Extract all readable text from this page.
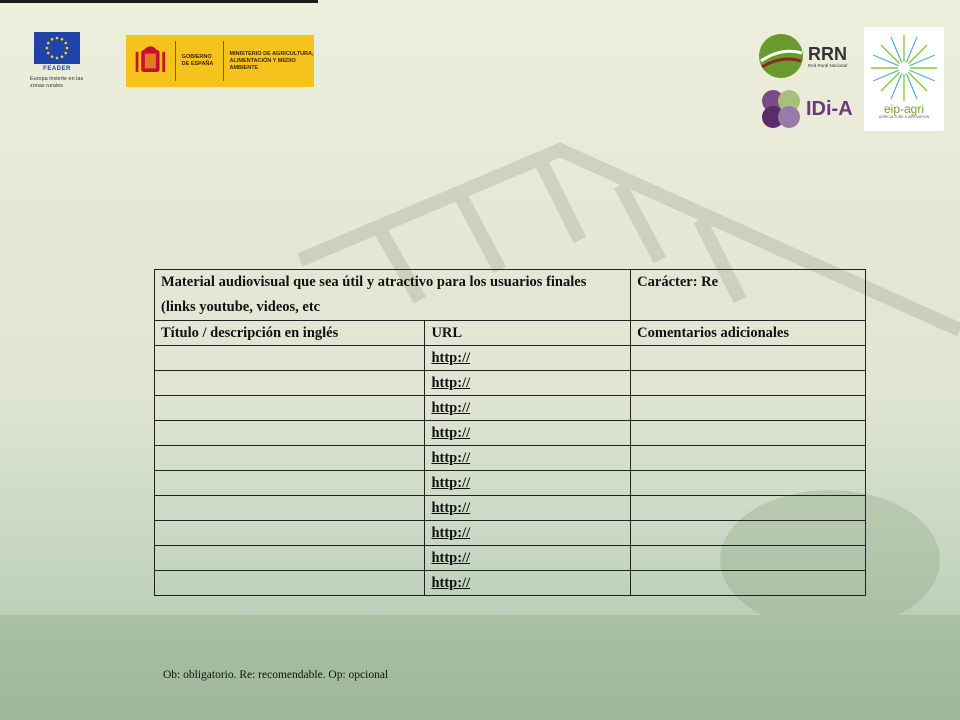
FEADER
Europa invierte en las zonas rurales
GOBIERNO DE ESPAÑA
MINISTERIO DE AGRICULTURA, ALIMENTACIÓN Y MEDIO AMBIENTE
RRN
Red Rural Nacional
IDi-A	eip-agri
AGRICULTURE & INNOVATION
Material audiovisual que sea útil y atractivo para los usuarios finales (links youtube, videos, etc		Carácter: Re
Título / descripción en inglés	URL	Comentarios adicionales
	http://	
	http://	
	http://	
	http://	
	http://	
	http://	
	http://	
	http://	
	http://	
	http://	
Ob: obligatorio. Re: recomendable. Op: opcional
